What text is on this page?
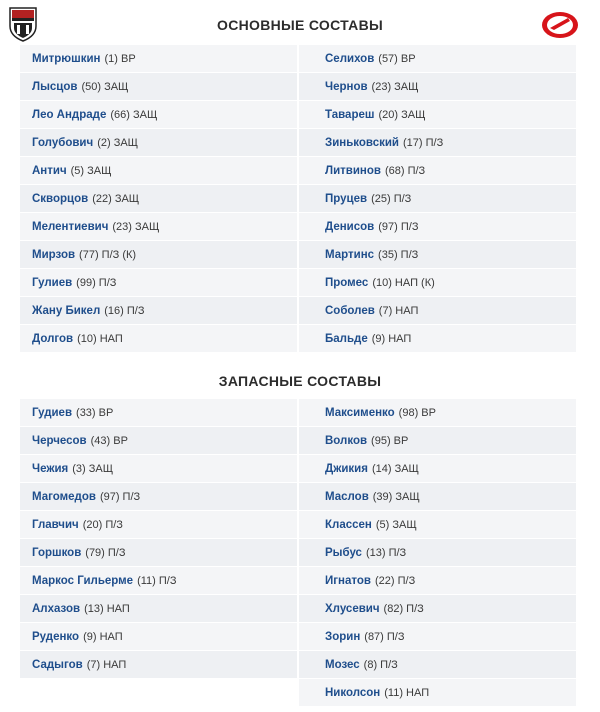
ОСНОВНЫЕ СОСТАВЫ
Митрюшкин (1) ВР
Лысцов (50) ЗАЩ
Лео Андраде (66) ЗАЩ
Голубович (2) ЗАЩ
Антич (5) ЗАЩ
Скворцов (22) ЗАЩ
Мелентиевич (23) ЗАЩ
Мирзов (77) П/З (К)
Гулиев (99) П/З
Жану Бикел (16) П/З
Долгов (10) НАП
Селихов (57) ВР
Чернов (23) ЗАЩ
Тавареш (20) ЗАЩ
Зиньковский (17) П/З
Литвинов (68) П/З
Пруцев (25) П/З
Денисов (97) П/З
Мартинс (35) П/З
Промес (10) НАП (К)
Соболев (7) НАП
Бальде (9) НАП
ЗАПАСНЫЕ СОСТАВЫ
Гудиев (33) ВР
Черчесов (43) ВР
Чежия (3) ЗАЩ
Магомедов (97) П/З
Главчич (20) П/З
Горшков (79) П/З
Маркос Гильерме (11) П/З
Алхазов (13) НАП
Руденко (9) НАП
Садыгов (7) НАП
Максименко (98) ВР
Волков (95) ВР
Джикия (14) ЗАЩ
Маслов (39) ЗАЩ
Классен (5) ЗАЩ
Рыбус (13) П/З
Игнатов (22) П/З
Хлусевич (82) П/З
Зорин (87) П/З
Мозес (8) П/З
Николсон (11) НАП
